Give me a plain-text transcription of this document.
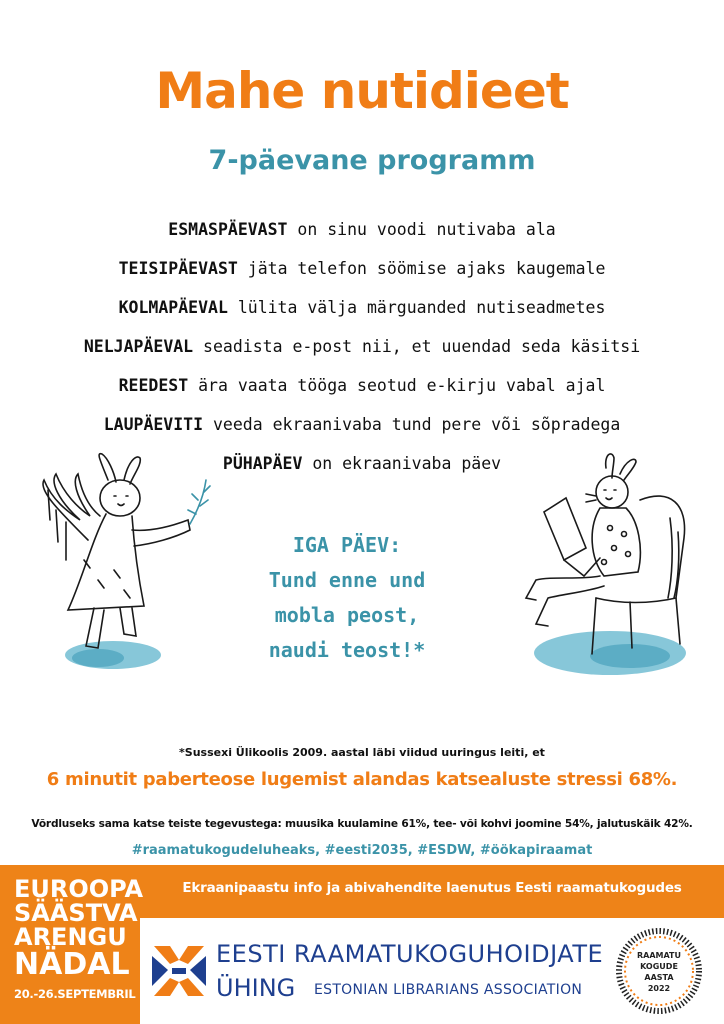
Mahe nutidieet
7-päevane programm
ESMASPÄEVAST on sinu voodi nutivaba ala
TEISIPÄEVAST jäta telefon söömise ajaks kaugemale
KOLMAPÄEVAL lülita välja märguanded nutiseadmetes
NELJAPÄEVAL seadista e-post nii, et uuendad seda käsitsi
REEDEST ära vaata tööga seotud e-kirju vabal ajal
LAUPÄEVITI veeda ekraanivaba tund pere või sõpradega
PÜHAPÄEV on ekraanivaba päev
IGA PÄEV:
Tund enne und
mobla peost,
naudi teost!*
*Sussexi Ülikoolis 2009. aastal läbi viidud uuringus leiti, et
6 minutit paberteose lugemist alandas katsealuste stressi 68%.
Võrdluseks sama katse teiste tegevustega: muusika kuulamine 61%, tee- või kohvi joomine 54%, jalutuskäik 42%.
#raamatukogudeluheaks, #eesti2035, #ESDW, #öökapiraamat
EUROOPA
SÄÄSTVA
ARENGU
NÄDAL
20.-26.SEPTEMBRIL
Ekraanipaastu info ja abivahendite laenutus Eesti raamatukogudes
EESTI RAAMATUKOGUHOIDJATE
ÜHING ESTONIAN LIBRARIANS ASSOCIATION
RAAMATU
KOGUDE
AASTA
2022
